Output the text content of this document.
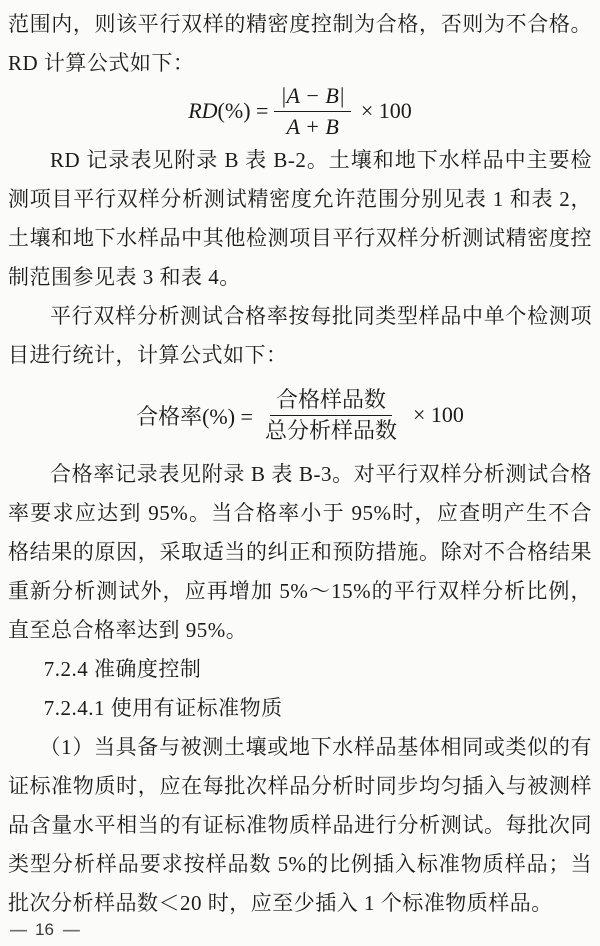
范围内，则该平行双样的精密度控制为合格，否则为不合格。RD 计算公式如下：

$RD(\%) = \frac{|A - B|}{A + B} \times 100$

RD 记录表见附录 B 表 B-2。土壤和地下水样品中主要检测项目平行双样分析测试精密度允许范围分别见表 1 和表 2，土壤和地下水样品中其他检测项目平行双样分析测试精密度控制范围参见表 3 和表 4。

平行双样分析测试合格率按每批同类型样品中单个检测项目进行统计，计算公式如下：

合格率(%) = $\frac{\text{合格样品数}}{\text{总分析样品数}} \times 100$

合格率记录表见附录 B 表 B-3。对平行双样分析测试合格率要求应达到 95%。当合格率小于 95%时，应查明产生不合格结果的原因，采取适当的纠正和预防措施。除对不合格结果重新分析测试外，应再增加 5%～15%的平行双样分析比例，直至总合格率达到 95%。

7.2.4 准确度控制

7.2.4.1 使用有证标准物质

（1）当具备与被测土壤或地下水样品基体相同或类似的有证标准物质时，应在每批次样品分析时同步均匀插入与被测样品含量水平相当的有证标准物质样品进行分析测试。每批次同类型分析样品要求按样品数 5%的比例插入标准物质样品；当批次分析样品数＜20 时，应至少插入 1 个标准物质样品。

— 16 —
